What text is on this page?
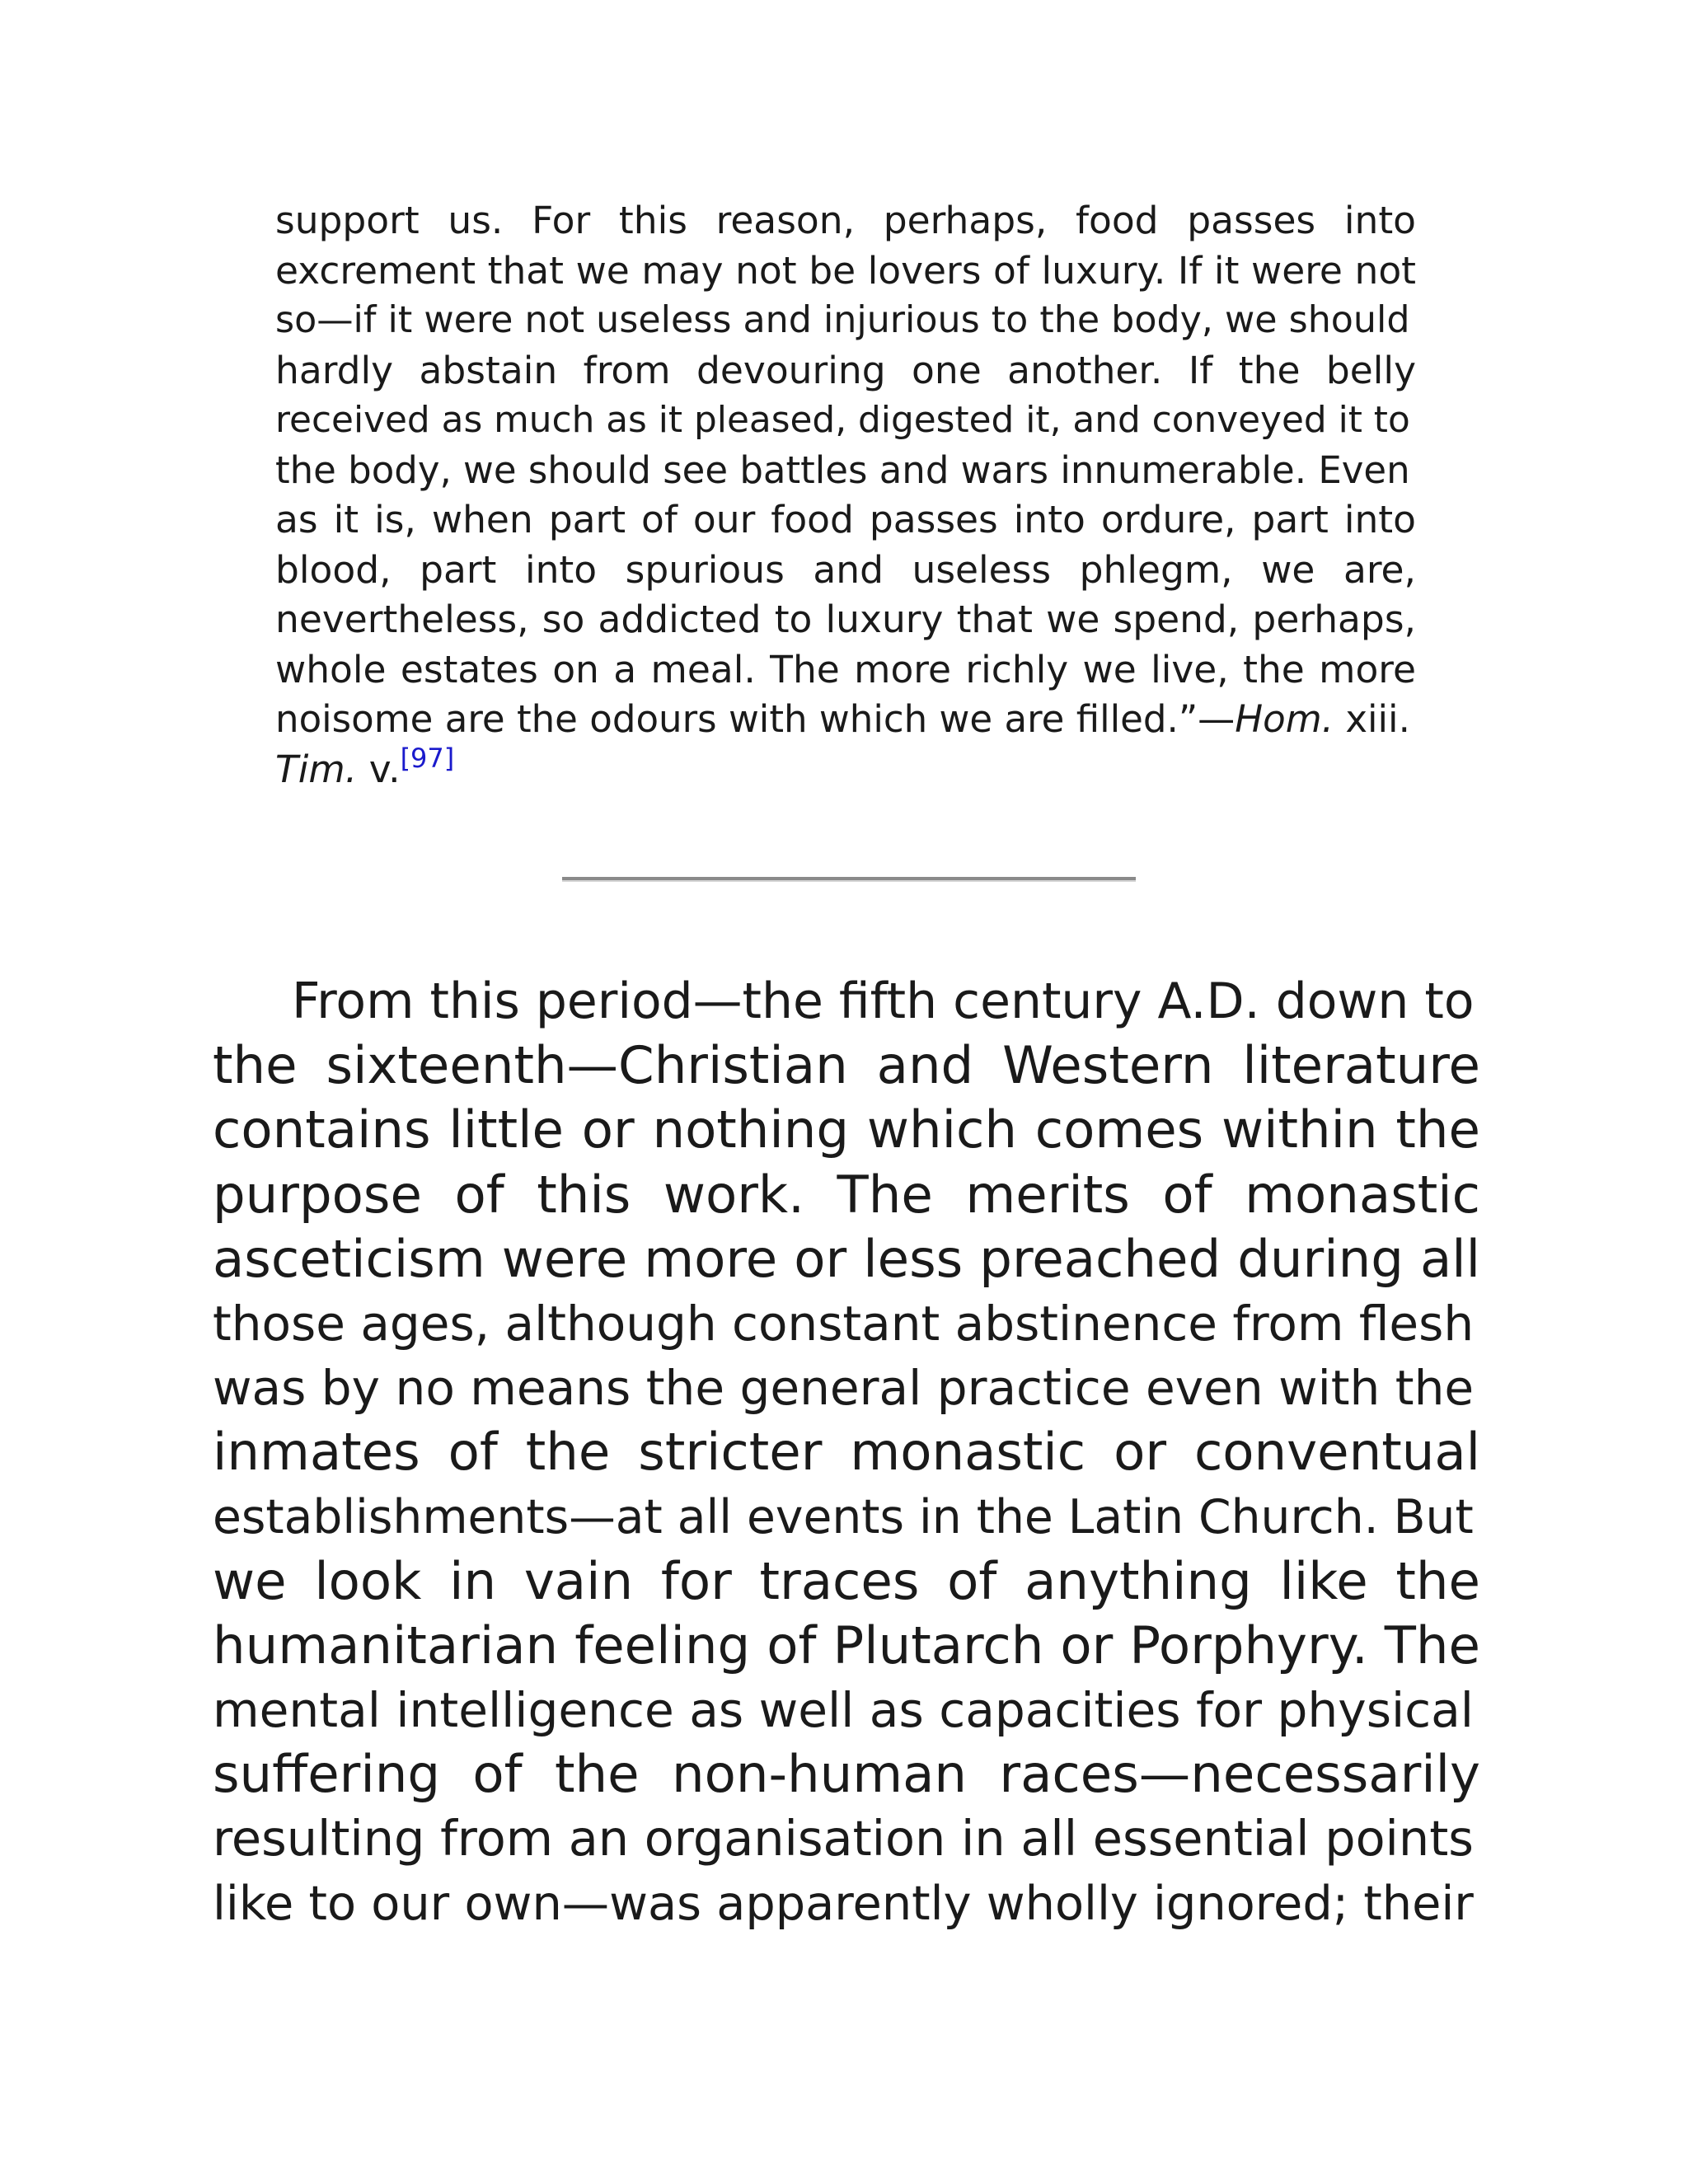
support us. For this reason, perhaps, food passes into
excrement that we may not be lovers of luxury. If it were not
so—if it were not useless and injurious to the body, we should
hardly abstain from devouring one another. If the belly
received as much as it pleased, digested it, and conveyed it to
the body, we should see battles and wars innumerable. Even
as it is, when part of our food passes into ordure, part into
blood, part into spurious and useless phlegm, we are,
nevertheless, so addicted to luxury that we spend, perhaps,
whole estates on a meal. The more richly we live, the more
noisome are the odours with which we are filled.”—Hom. xiii.
Tim. v.[97]
From this period—the fifth century A.D. down to
the sixteenth—Christian and Western literature
contains little or nothing which comes within the
purpose of this work. The merits of monastic
asceticism were more or less preached during all
those ages, although constant abstinence from flesh
was by no means the general practice even with the
inmates of the stricter monastic or conventual
establishments—at all events in the Latin Church. But
we look in vain for traces of anything like the
humanitarian feeling of Plutarch or Porphyry. The
mental intelligence as well as capacities for physical
suffering of the non-human races—necessarily
resulting from an organisation in all essential points
like to our own—was apparently wholly ignored; their
